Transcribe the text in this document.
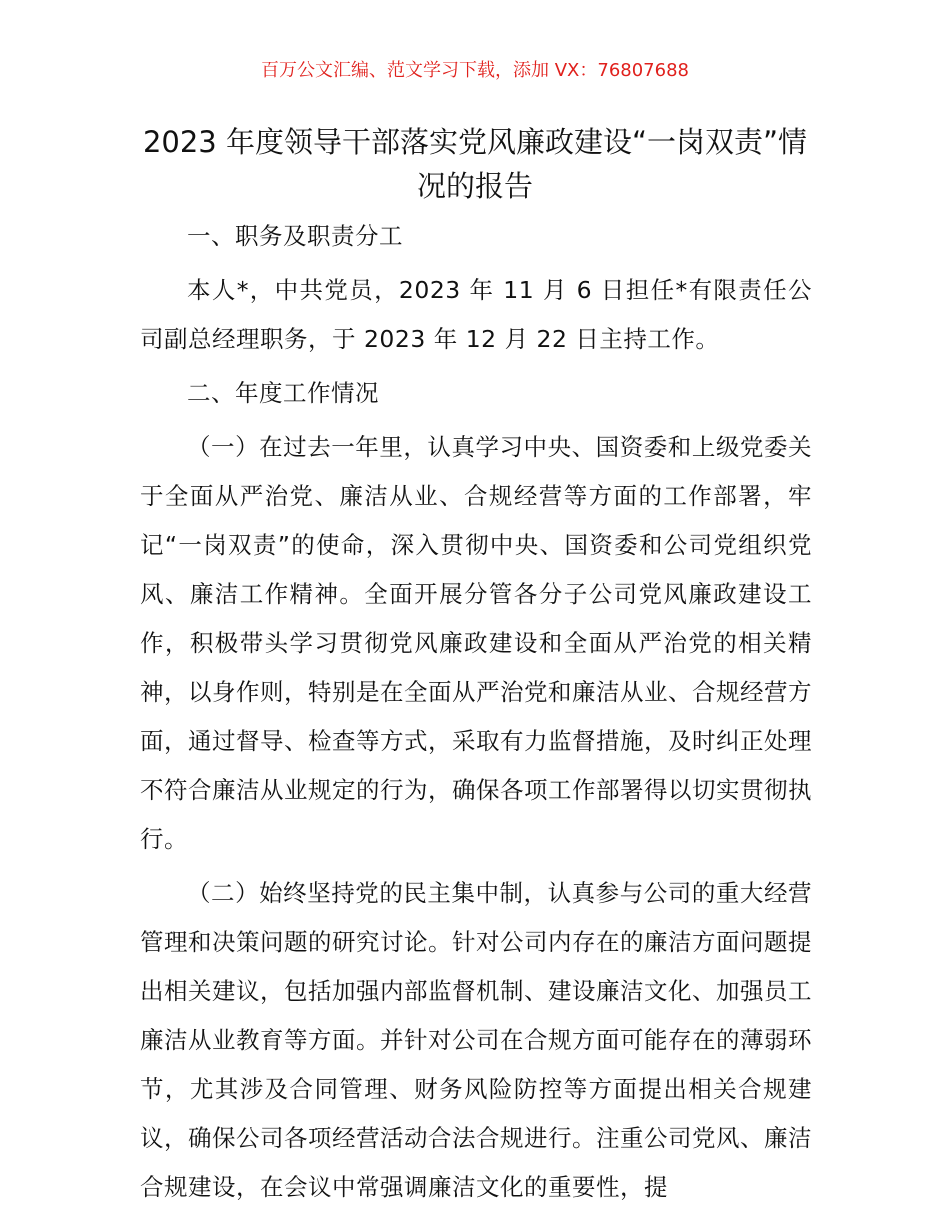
百万公文汇编、范文学习下载，添加 VX：76807688
2023 年度领导干部落实党风廉政建设“一岗双责”情况的报告

一、职务及职责分工

本人*，中共党员，2023 年 11 月 6 日担任*有限责任公司副总经理职务，于 2023 年 12 月 22 日主持工作。

二、年度工作情况

（一）在过去一年里，认真学习中央、国资委和上级党委关于全面从严治党、廉洁从业、合规经营等方面的工作部署，牢记“一岗双责”的使命，深入贯彻中央、国资委和公司党组织党风、廉洁工作精神。全面开展分管各分子公司党风廉政建设工作，积极带头学习贯彻党风廉政建设和全面从严治党的相关精神，以身作则，特别是在全面从严治党和廉洁从业、合规经营方面，通过督导、检查等方式，采取有力监督措施，及时纠正处理不符合廉洁从业规定的行为，确保各项工作部署得以切实贯彻执行。

（二）始终坚持党的民主集中制，认真参与公司的重大经营管理和决策问题的研究讨论。针对公司内存在的廉洁方面问题提出相关建议，包括加强内部监督机制、建设廉洁文化、加强员工廉洁从业教育等方面。并针对公司在合规方面可能存在的薄弱环节，尤其涉及合同管理、财务风险防控等方面提出相关合规建议，确保公司各项经营活动合法合规进行。注重公司党风、廉洁合规建设，在会议中常强调廉洁文化的重要性，提
